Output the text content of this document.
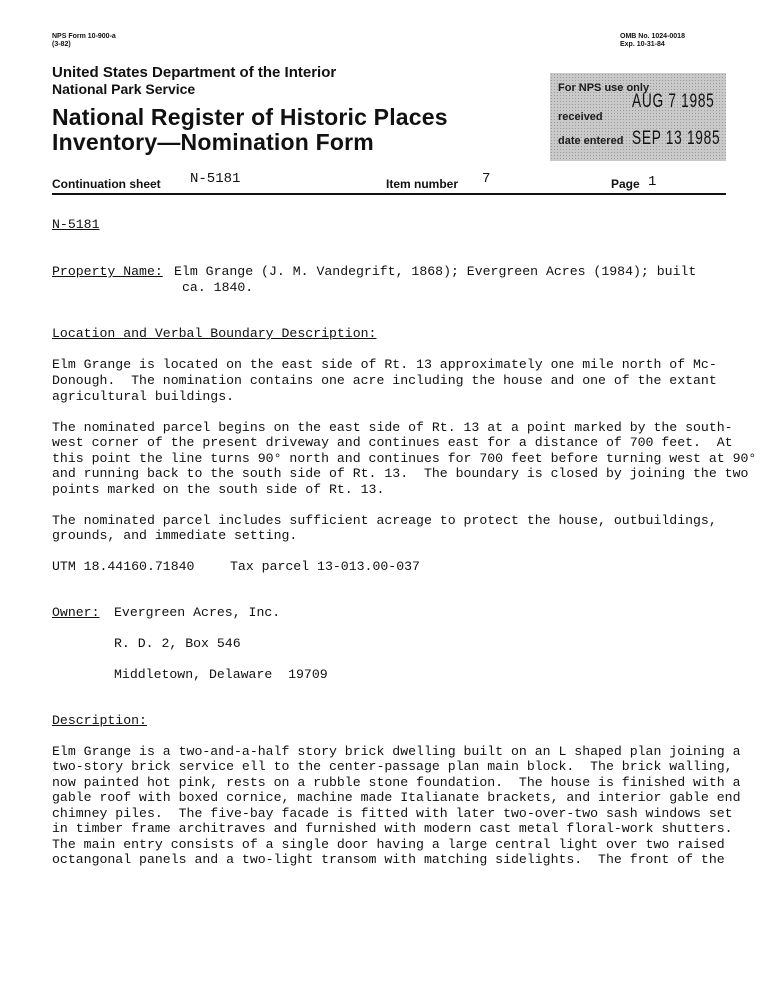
NPS Form 10-900-a
(3-82)
OMB No. 1024-0018
Exp. 10-31-84
United States Department of the Interior
National Park Service
National Register of Historic Places
Inventory—Nomination Form
For NPS use only
received
AUG 7 1985
date entered SEP 13 1985
Continuation sheet N-5181	Item number 7	Page 1
N-5181
Property Name: Elm Grange (J. M. Vandegrift, 1868); Evergreen Acres (1984); built
ca. 1840.
Location and Verbal Boundary Description:
Elm Grange is located on the east side of Rt. 13 approximately one mile north of Mc-
Donough.  The nomination contains one acre including the house and one of the extant
agricultural buildings.
The nominated parcel begins on the east side of Rt. 13 at a point marked by the south-
west corner of the present driveway and continues east for a distance of 700 feet.  At
this point the line turns 90° north and continues for 700 feet before turning west at 90°
and running back to the south side of Rt. 13.  The boundary is closed by joining the two
points marked on the south side of Rt. 13.
The nominated parcel includes sufficient acreage to protect the house, outbuildings,
grounds, and immediate setting.
UTM 18.44160.71840	Tax parcel 13-013.00-037
Owner: Evergreen Acres, Inc.
R. D. 2, Box 546
Middletown, Delaware  19709
Description:
Elm Grange is a two-and-a-half story brick dwelling built on an L shaped plan joining a
two-story brick service ell to the center-passage plan main block.  The brick walling,
now painted hot pink, rests on a rubble stone foundation.  The house is finished with a
gable roof with boxed cornice, machine made Italianate brackets, and interior gable end
chimney piles.  The five-bay facade is fitted with later two-over-two sash windows set
in timber frame architraves and furnished with modern cast metal floral-work shutters.
The main entry consists of a single door having a large central light over two raised
octangonal panels and a two-light transom with matching sidelights.  The front of the
